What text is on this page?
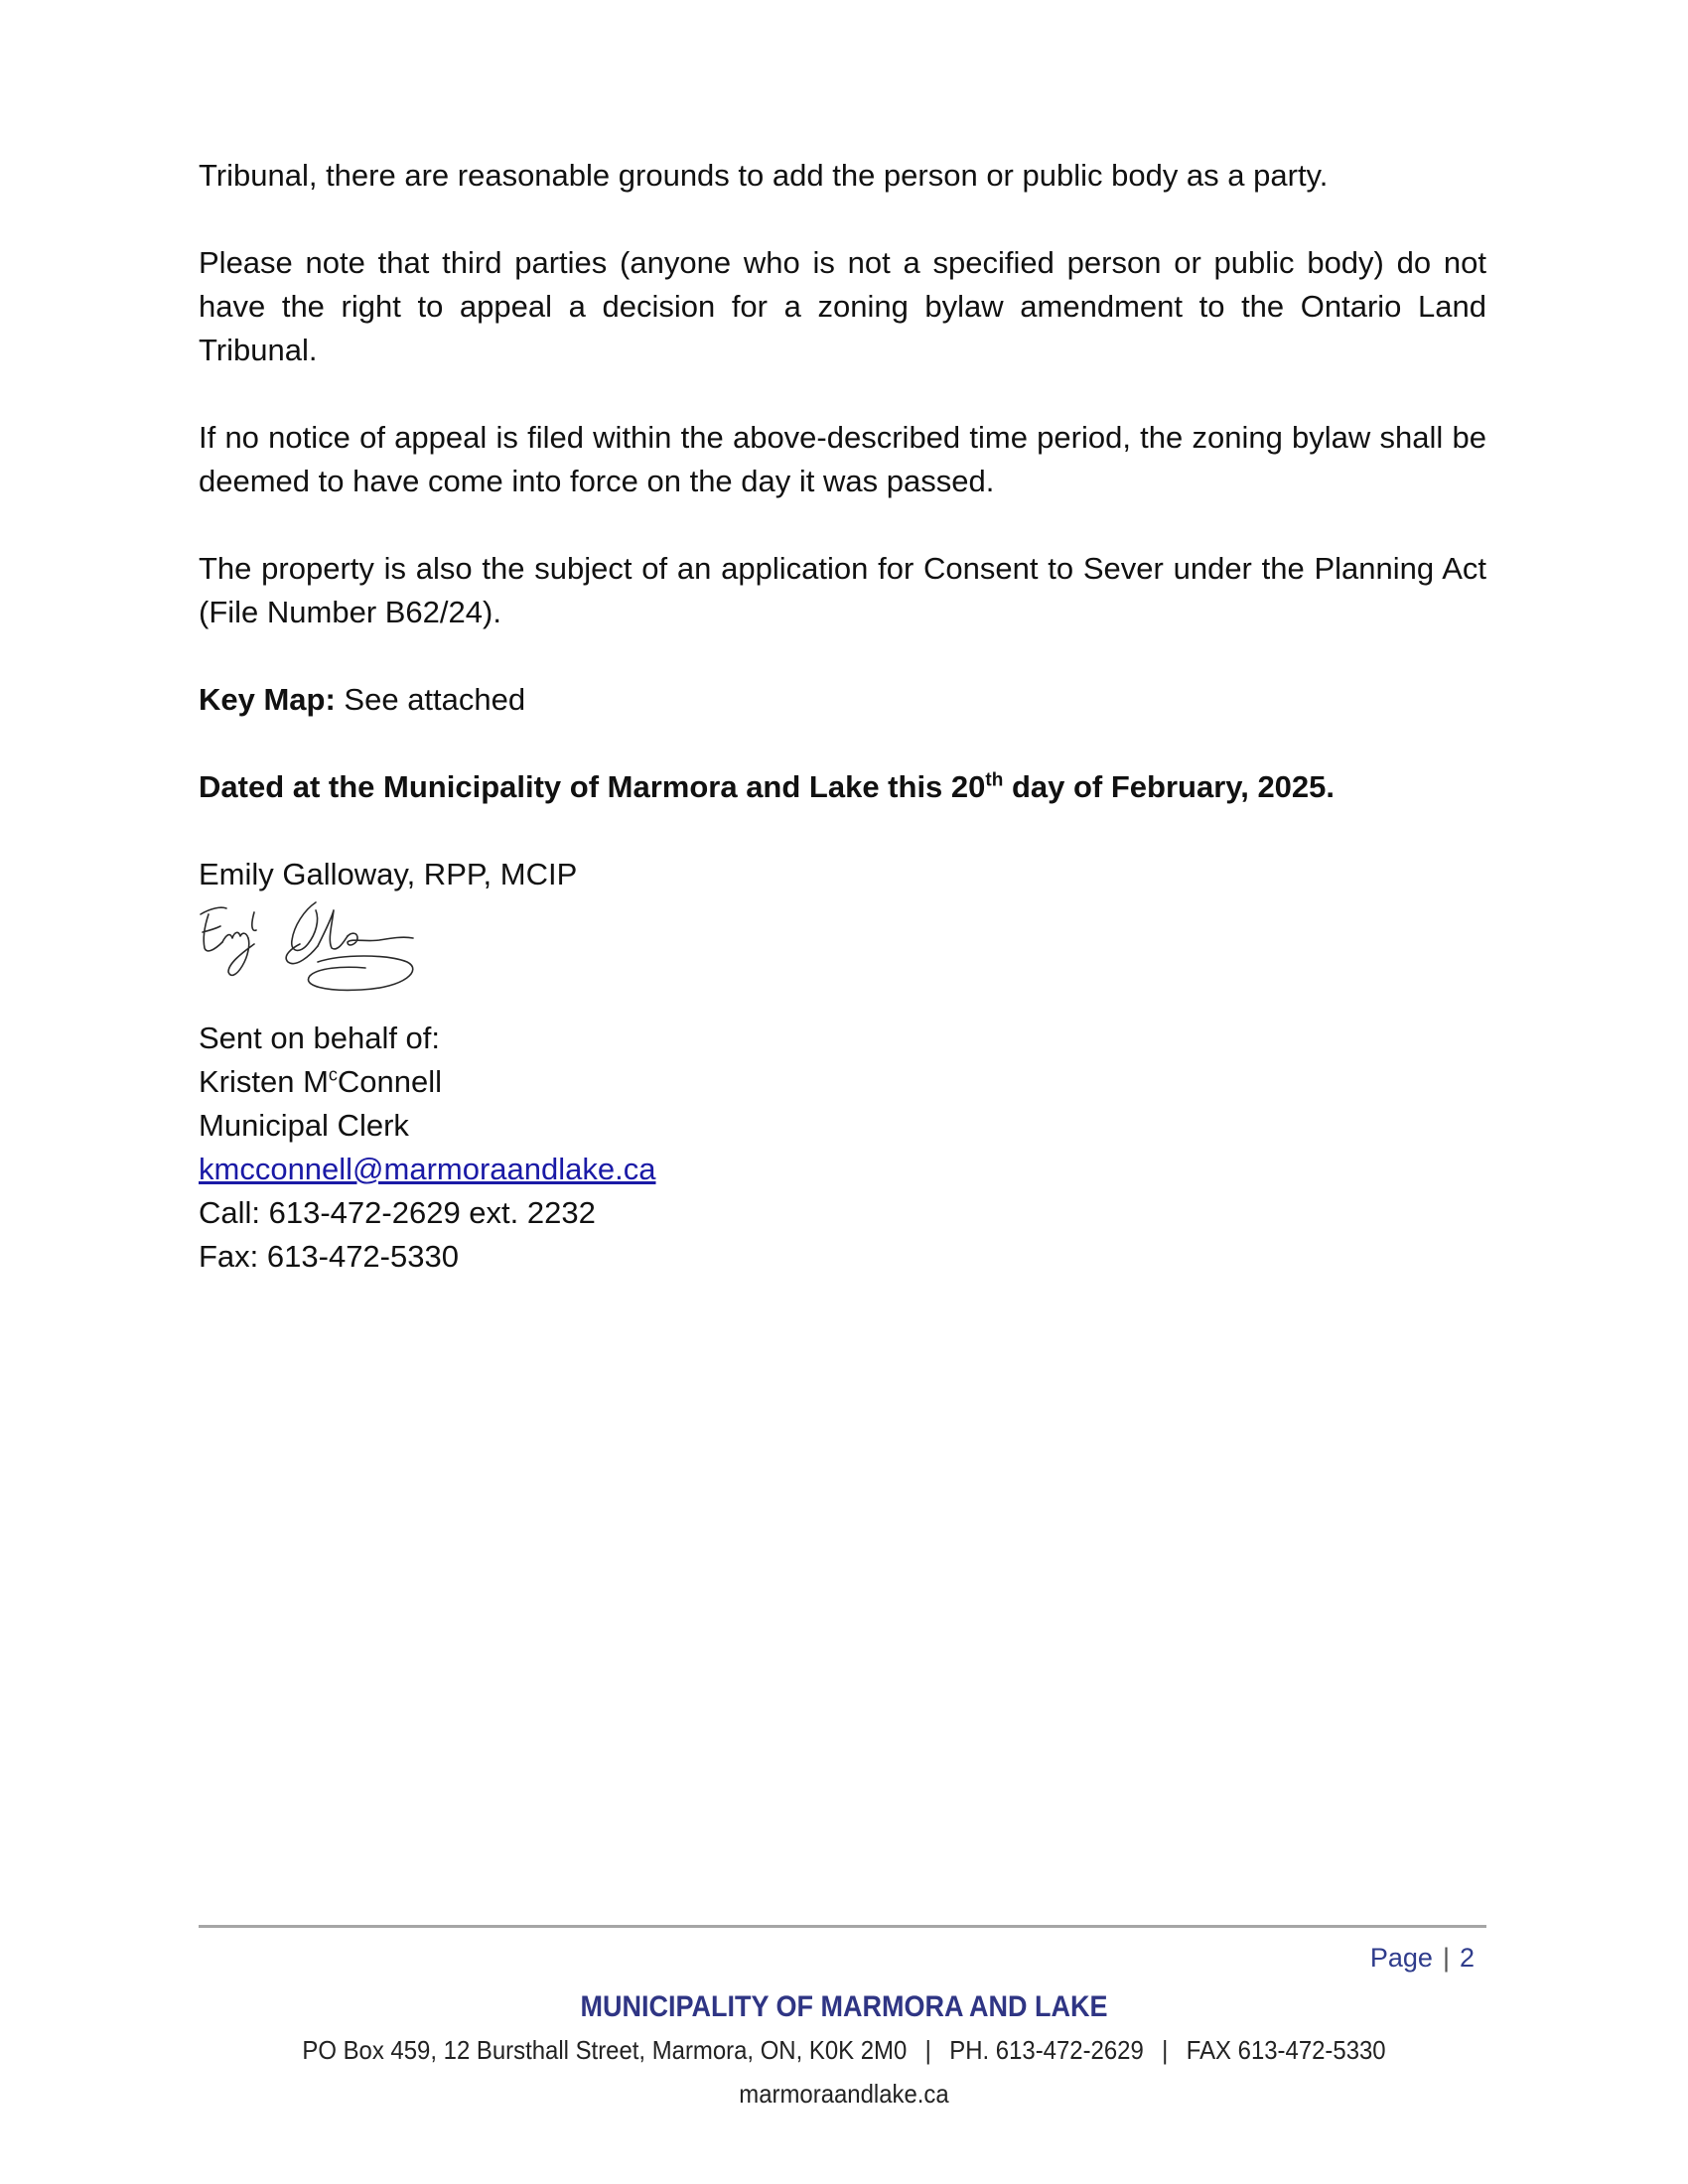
Tribunal, there are reasonable grounds to add the person or public body as a party.

Please note that third parties (anyone who is not a specified person or public body) do not have the right to appeal a decision for a zoning bylaw amendment to the Ontario Land Tribunal.

If no notice of appeal is filed within the above-described time period, the zoning bylaw shall be deemed to have come into force on the day it was passed.

The property is also the subject of an application for Consent to Sever under the Planning Act (File Number B62/24).

Key Map: See attached

Dated at the Municipality of Marmora and Lake this 20th day of February, 2025.

Emily Galloway, RPP, MCIP

Sent on behalf of:
Kristen $M^cConnell$
Municipal Clerk
kmcconnell@marmoraandlake.ca
Call: 613-472-2629 ext. 2232
Fax: 613-472-5330
Page | 2
MUNICIPALITY OF MARMORA AND LAKE
PO Box 459, 12 Bursthall Street, Marmora, ON, K0K 2M0 | PH. 613-472-2629 | FAX 613-472-5330
marmoraandlake.ca
